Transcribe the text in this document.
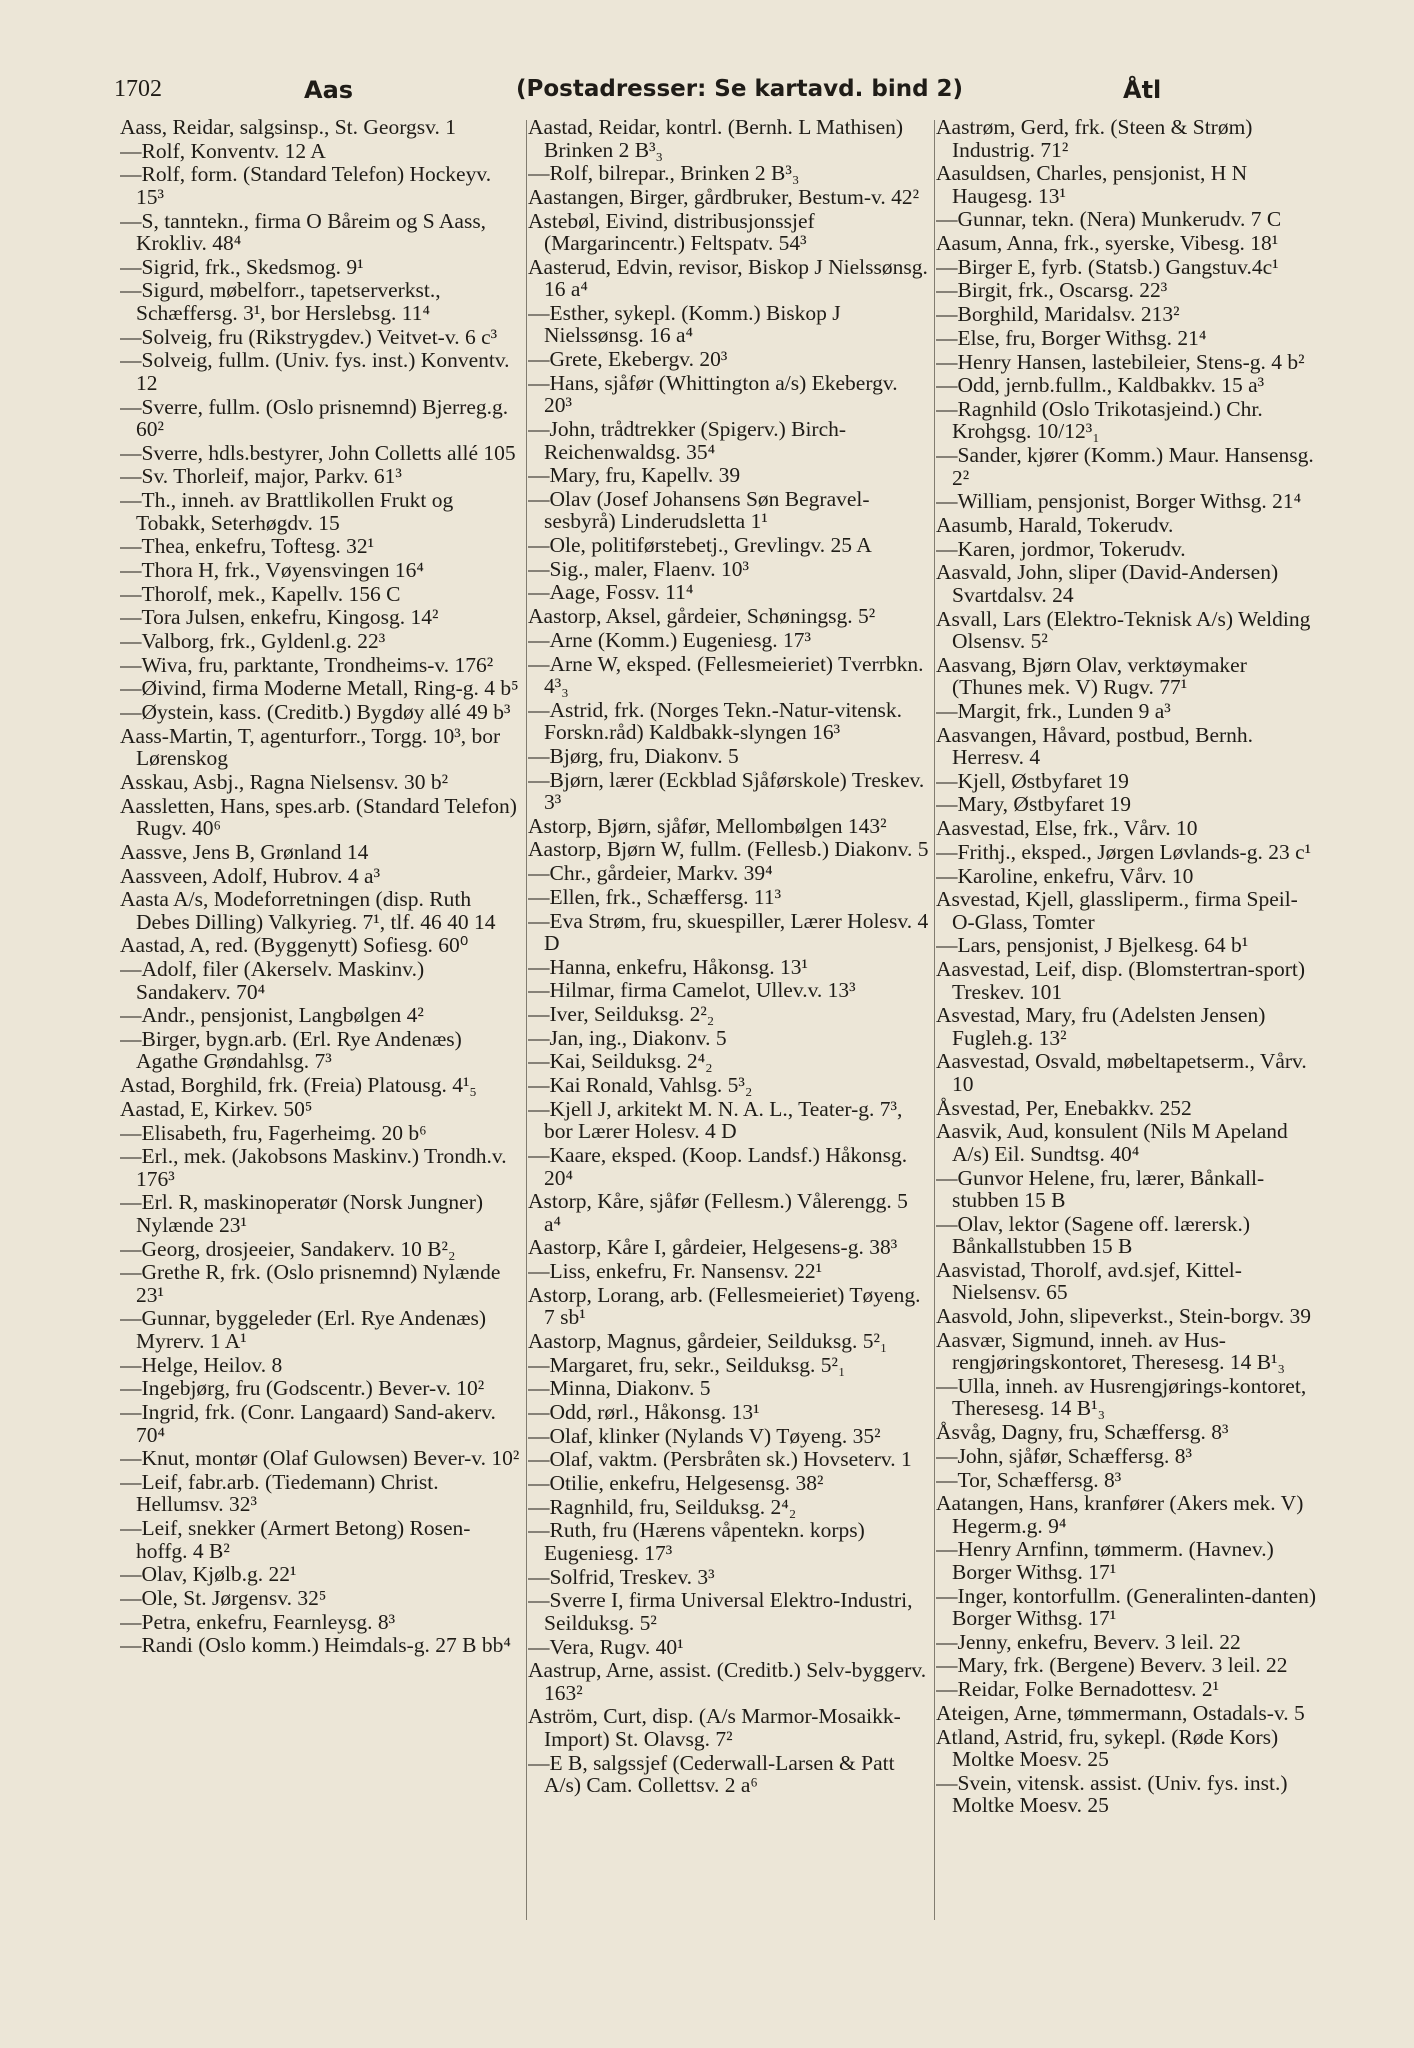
1702	Aas	(Postadresser: Se kartavd. bind 2)	Åtl
Aass, Reidar, salgsinsp., St. Georgsv. 1
—Rolf, Konventv. 12 A
—Rolf, form. (Standard Telefon) Hockeyv. 15³
—S, tanntekn., firma O Båreim og S Aass, Krokliv. 48⁴
—Sigrid, frk., Skedsmog. 9¹
—Sigurd, møbelforr., tapetserverkst., Schæffersg. 3¹, bor Herslebsg. 11⁴
—Solveig, fru (Rikstrygdev.) Veitvet-v. 6 c³
—Solveig, fullm. (Univ. fys. inst.) Konventv. 12
—Sverre, fullm. (Oslo prisnemnd) Bjerreg.g. 60²
—Sverre, hdls.bestyrer, John Colletts allé 105
—Sv. Thorleif, major, Parkv. 61³
—Th., inneh. av Brattlikollen Frukt og Tobakk, Seterhøgdv. 15
—Thea, enkefru, Toftesg. 32¹
—Thora H, frk., Vøyensvingen 16⁴
—Thorolf, mek., Kapellv. 156 C
—Tora Julsen, enkefru, Kingosg. 14²
—Valborg, frk., Gyldenl.g. 22³
—Wiva, fru, parktante, Trondheims-v. 176²
—Øivind, firma Moderne Metall, Ring-g. 4 b⁵
—Øystein, kass. (Creditb.) Bygdøy allé 49 b³
Aass-Martin, T, agenturforr., Torgg. 10³, bor Lørenskog
Asskau, Asbj., Ragna Nielsensv. 30 b²
Aassletten, Hans, spes.arb. (Standard Telefon) Rugv. 40⁶
Aassve, Jens B, Grønland 14
Aassveen, Adolf, Hubrov. 4 a³
Aasta A/s, Modeforretningen (disp. Ruth Debes Dilling) Valkyrieg. 7¹, tlf. 46 40 14
Aastad, A, red. (Byggenytt) Sofiesg. 60⁰
—Adolf, filer (Akerselv. Maskinv.) Sandakerv. 70⁴
—Andr., pensjonist, Langbølgen 4²
—Birger, bygn.arb. (Erl. Rye Andenæs) Agathe Grøndahlsg. 7³
Astad, Borghild, frk. (Freia) Platousg. 4¹₅
Aastad, E, Kirkev. 50⁵
—Elisabeth, fru, Fagerheimg. 20 b⁶
—Erl., mek. (Jakobsons Maskinv.) Trondh.v. 176³
—Erl. R, maskinoperatør (Norsk Jungner) Nylænde 23¹
—Georg, drosjeeier, Sandakerv. 10 B²₂
—Grethe R, frk. (Oslo prisnemnd) Nylænde 23¹
—Gunnar, byggeleder (Erl. Rye Andenæs) Myrerv. 1 A¹
—Helge, Heilov. 8
—Ingebjørg, fru (Godscentr.) Bever-v. 10²
—Ingrid, frk. (Conr. Langaard) Sand-akerv. 70⁴
—Knut, montør (Olaf Gulowsen) Bever-v. 10²
—Leif, fabr.arb. (Tiedemann) Christ. Hellumsv. 32³
—Leif, snekker (Armert Betong) Rosen-hoffg. 4 B²
—Olav, Kjølb.g. 22¹
—Ole, St. Jørgensv. 32⁵
—Petra, enkefru, Fearnleysg. 8³
—Randi (Oslo komm.) Heimdals-g. 27 B bb⁴
Aastad, Reidar, kontrl. (Bernh. L Mathisen) Brinken 2 B³₃
—Rolf, bilrepar., Brinken 2 B³₃
Aastangen, Birger, gårdbruker, Bestum-v. 42²
Astebøl, Eivind, distribusjonssjef (Margarincentr.) Feltspatv. 54³
Aasterud, Edvin, revisor, Biskop J Nielssønsg. 16 a⁴
—Esther, sykepl. (Komm.) Biskop J Nielssønsg. 16 a⁴
—Grete, Ekebergv. 20³
—Hans, sjåfør (Whittington a/s) Ekebergv. 20³
—John, trådtrekker (Spigerv.) Birch-Reichenwaldsg. 35⁴
—Mary, fru, Kapellv. 39
—Olav (Josef Johansens Søn Begravel-sesbyrå) Linderudsletta 1¹
—Ole, politiførstebetj., Grevlingv. 25 A
—Sig., maler, Flaenv. 10³
—Aage, Fossv. 11⁴
Aastorp, Aksel, gårdeier, Schøningsg. 5²
—Arne (Komm.) Eugeniesg. 17³
—Arne W, eksped. (Fellesmeieriet) Tverrbkn. 4³₃
—Astrid, frk. (Norges Tekn.-Natur-vitensk. Forskn.råd) Kaldbakk-slyngen 16³
—Bjørg, fru, Diakonv. 5
—Bjørn, lærer (Eckblad Sjåførskole) Treskev. 3³
Astorp, Bjørn, sjåfør, Mellombølgen 143²
Aastorp, Bjørn W, fullm. (Fellesb.) Diakonv. 5
—Chr., gårdeier, Markv. 39⁴
—Ellen, frk., Schæffersg. 11³
—Eva Strøm, fru, skuespiller, Lærer Holesv. 4 D
—Hanna, enkefru, Håkonsg. 13¹
—Hilmar, firma Camelot, Ullev.v. 13³
—Iver, Seilduksg. 2²₂
—Jan, ing., Diakonv. 5
—Kai, Seilduksg. 2⁴₂
—Kai Ronald, Vahlsg. 5³₂
—Kjell J, arkitekt M. N. A. L., Teater-g. 7³, bor Lærer Holesv. 4 D
—Kaare, eksped. (Koop. Landsf.) Håkonsg. 20⁴
Astorp, Kåre, sjåfør (Fellesm.) Vålerengg. 5 a⁴
Aastorp, Kåre I, gårdeier, Helgesens-g. 38³
—Liss, enkefru, Fr. Nansensv. 22¹
Astorp, Lorang, arb. (Fellesmeieriet) Tøyeng. 7 sb¹
Aastorp, Magnus, gårdeier, Seilduksg. 5²₁
—Margaret, fru, sekr., Seilduksg. 5²₁
—Minna, Diakonv. 5
—Odd, rørl., Håkonsg. 13¹
—Olaf, klinker (Nylands V) Tøyeng. 35²
—Olaf, vaktm. (Persbråten sk.) Hovseterv. 1
—Otilie, enkefru, Helgesensg. 38²
—Ragnhild, fru, Seilduksg. 2⁴₂
—Ruth, fru (Hærens våpentekn. korps) Eugeniesg. 17³
—Solfrid, Treskev. 3³
—Sverre I, firma Universal Elektro-Industri, Seilduksg. 5²
—Vera, Rugv. 40¹
Aastrup, Arne, assist. (Creditb.) Selv-byggerv. 163²
Aström, Curt, disp. (A/s Marmor-Mosaikk-Import) St. Olavsg. 7²
—E B, salgssjef (Cederwall-Larsen & Patt A/s) Cam. Collettsv. 2 a⁶
Aastrøm, Gerd, frk. (Steen & Strøm) Industrig. 71²
Aasuldsen, Charles, pensjonist, H N Haugesg. 13¹
—Gunnar, tekn. (Nera) Munkerudv. 7 C
Aasum, Anna, frk., syerske, Vibesg. 18¹
—Birger E, fyrb. (Statsb.) Gangstuv.4c¹
—Birgit, frk., Oscarsg. 22³
—Borghild, Maridalsv. 213²
—Else, fru, Borger Withsg. 21⁴
—Henry Hansen, lastebileier, Stens-g. 4 b²
—Odd, jernb.fullm., Kaldbakkv. 15 a³
—Ragnhild (Oslo Trikotasjeind.) Chr. Krohgsg. 10/12³₁
—Sander, kjører (Komm.) Maur. Hansensg. 2²
—William, pensjonist, Borger Withsg. 21⁴
Aasumb, Harald, Tokerudv.
—Karen, jordmor, Tokerudv.
Aasvald, John, sliper (David-Andersen) Svartdalsv. 24
Asvall, Lars (Elektro-Teknisk A/s) Welding Olsensv. 5²
Aasvang, Bjørn Olav, verktøymaker (Thunes mek. V) Rugv. 77¹
—Margit, frk., Lunden 9 a³
Aasvangen, Håvard, postbud, Bernh. Herresv. 4
—Kjell, Østbyfaret 19
—Mary, Østbyfaret 19
Aasvestad, Else, frk., Vårv. 10
—Frithj., eksped., Jørgen Løvlands-g. 23 c¹
—Karoline, enkefru, Vårv. 10
Asvestad, Kjell, glassliperm., firma Speil-O-Glass, Tomter
—Lars, pensjonist, J Bjelkesg. 64 b¹
Aasvestad, Leif, disp. (Blomstertran-sport) Treskev. 101
Asvestad, Mary, fru (Adelsten Jensen) Fugleh.g. 13²
Aasvestad, Osvald, møbeltapetserm., Vårv. 10
Åsvestad, Per, Enebakkv. 252
Aasvik, Aud, konsulent (Nils M Apeland A/s) Eil. Sundtsg. 40⁴
—Gunvor Helene, fru, lærer, Bånkall-stubben 15 B
—Olav, lektor (Sagene off. lærersk.) Bånkallstubben 15 B
Aasvistad, Thorolf, avd.sjef, Kittel-Nielsensv. 65
Aasvold, John, slipeverkst., Stein-borgv. 39
Aasvær, Sigmund, inneh. av Hus-rengjøringskontoret, Theresesg. 14 B¹₃
—Ulla, inneh. av Husrengjørings-kontoret, Theresesg. 14 B¹₃
Åsvåg, Dagny, fru, Schæffersg. 8³
—John, sjåfør, Schæffersg. 8³
—Tor, Schæffersg. 8³
Aatangen, Hans, kranfører (Akers mek. V) Hegerm.g. 9⁴
—Henry Arnfinn, tømmerm. (Havnev.) Borger Withsg. 17¹
—Inger, kontorfullm. (Generalinten-danten) Borger Withsg. 17¹
—Jenny, enkefru, Beverv. 3 leil. 22
—Mary, frk. (Bergene) Beverv. 3 leil. 22
—Reidar, Folke Bernadottesv. 2¹
Ateigen, Arne, tømmermann, Ostadals-v. 5
Atland, Astrid, fru, sykepl. (Røde Kors) Moltke Moesv. 25
—Svein, vitensk. assist. (Univ. fys. inst.) Moltke Moesv. 25
